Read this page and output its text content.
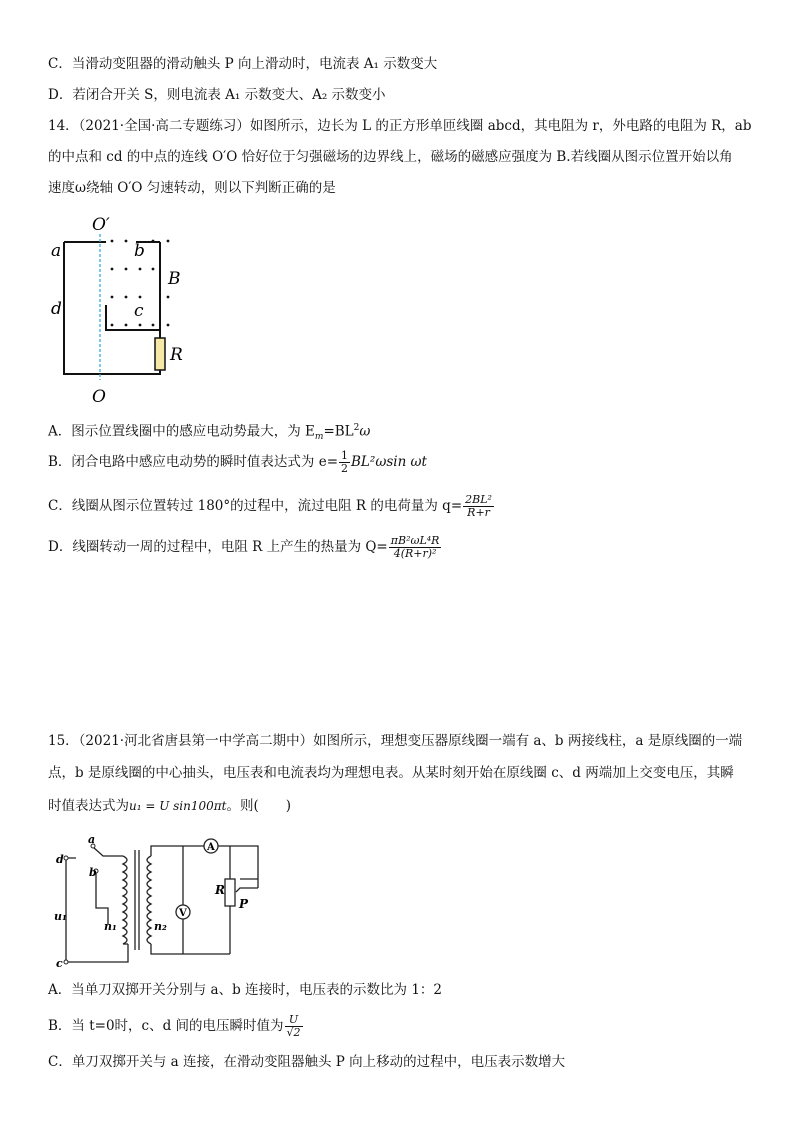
C．当滑动变阻器的滑动触头 P 向上滑动时，电流表 A₁ 示数变大
D．若闭合开关 S，则电流表 A₁ 示数变大、A₂ 示数变小
14．（2021·全国·高二专题练习）如图所示，边长为 L 的正方形单匝线圈 abcd，其电阻为 r，外电路的电阻为 R，ab
的中点和 cd 的中点的连线 O′O 恰好位于匀强磁场的边界线上，磁场的磁感应强度为 B.若线圈从图示位置开始以角
速度ω绕轴 O′O 匀速转动，则以下判断正确的是
O′
a	b
B
d	c
R
O
A．图示位置线圈中的感应电动势最大，为 $E_m=BL^2\omega$
B．闭合电路中感应电动势的瞬时值表达式为 $e= \frac{1}{2} BL^2\omega\sin$ ωt
C．线圈从图示位置转过 180°的过程中，流过电阻 R 的电荷量为 $q= \frac{\text{2BL²}}{R+r}$
D．线圈转动一周的过程中，电阻 R 上产生的热量为 $Q= \frac{\text{πB²ωL⁴R}}{\text{4(R+r)²}}$
15．（2021·河北省唐县第一中学高二期中）如图所示，理想变压器原线圈一端有 a、b 两接线柱，a 是原线圈的一端
点，b 是原线圈的中心抽头，电压表和电流表均为理想电表。从某时刻开始在原线圈 c、d 两端加上交变电压，其瞬
时值表达式为u₁ = U sin100πt。则(　　)
a
b
d
c
u₁
n₁	n₂
A
V
R
P
A．当单刀双掷开关分别与 a、b 连接时，电压表的示数比为 1：2
B．当 t=0时，c、d 间的电压瞬时值为 $\frac{U}{√2}$
C．单刀双掷开关与 a 连接，在滑动变阻器触头 P 向上移动的过程中，电压表示数增大
